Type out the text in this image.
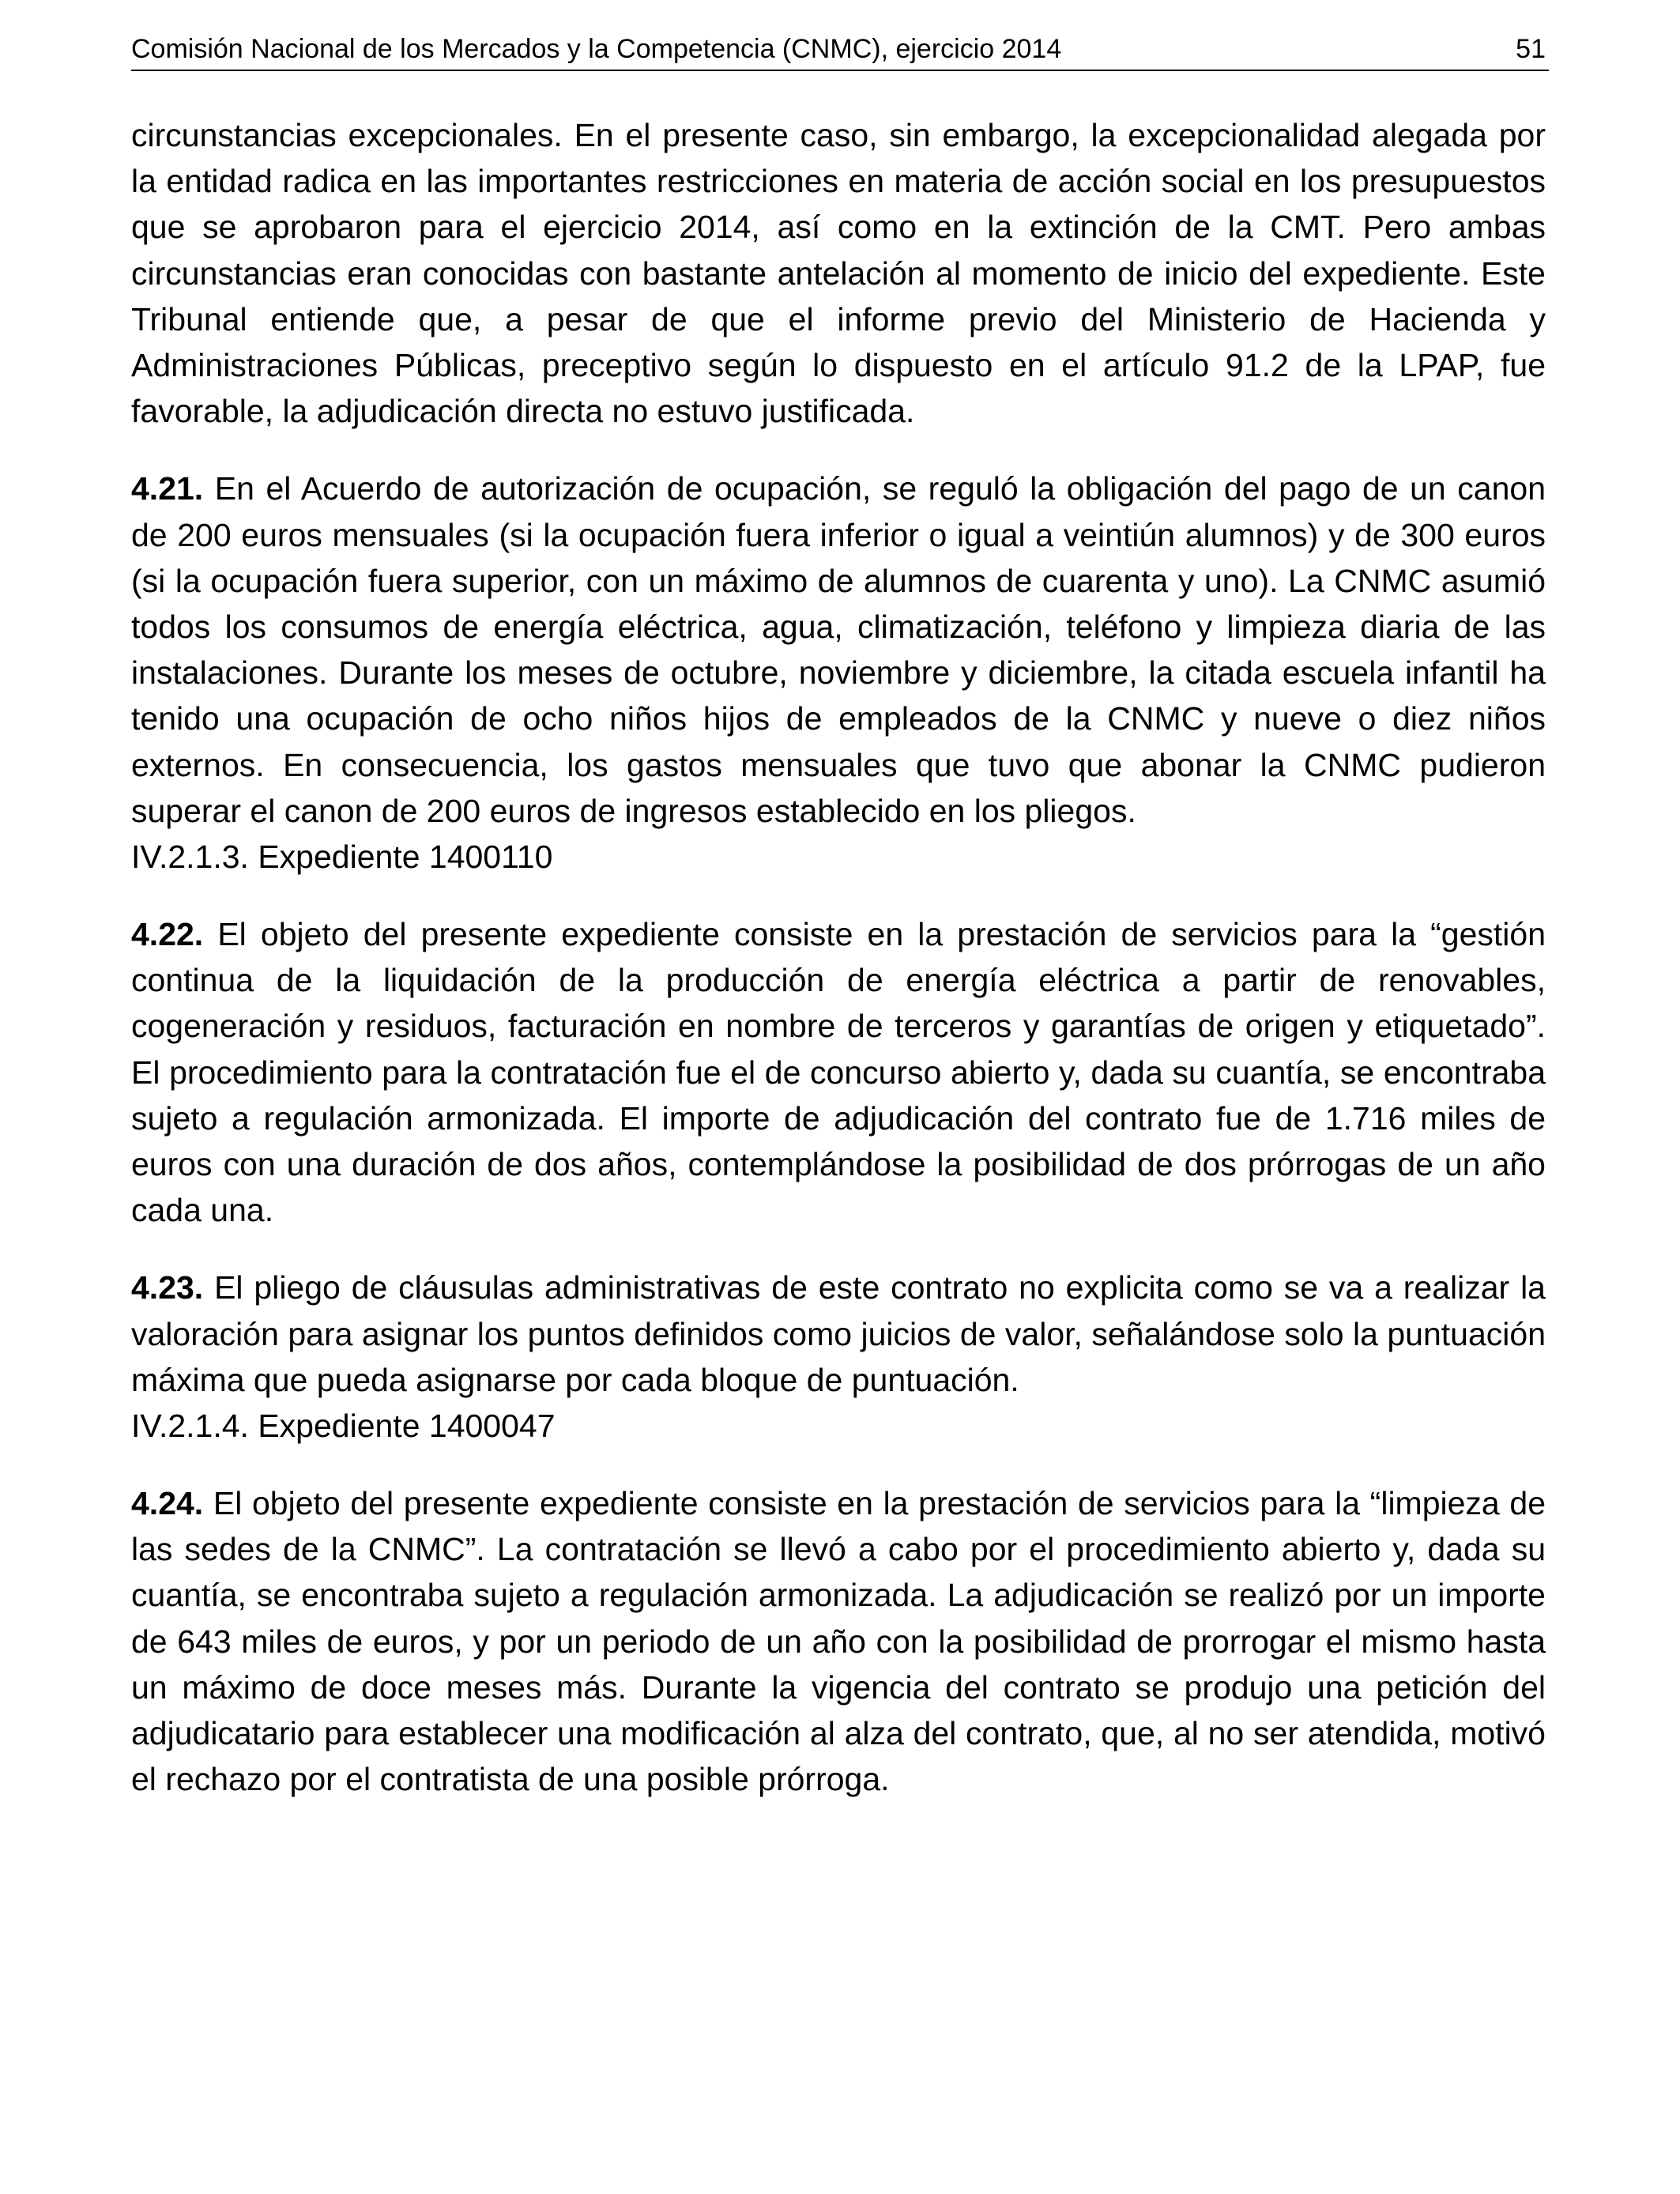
Comisión Nacional de los Mercados y la Competencia (CNMC), ejercicio 2014	51

circunstancias excepcionales. En el presente caso, sin embargo, la excepcionalidad alegada por la entidad radica en las importantes restricciones en materia de acción social en los presupuestos que se aprobaron para el ejercicio 2014, así como en la extinción de la CMT. Pero ambas circunstancias eran conocidas con bastante antelación al momento de inicio del expediente. Este Tribunal entiende que, a pesar de que el informe previo del Ministerio de Hacienda y Administraciones Públicas, preceptivo según lo dispuesto en el artículo 91.2 de la LPAP, fue favorable, la adjudicación directa no estuvo justificada.

4.21. En el Acuerdo de autorización de ocupación, se reguló la obligación del pago de un canon de 200 euros mensuales (si la ocupación fuera inferior o igual a veintiún alumnos) y de 300 euros (si la ocupación fuera superior, con un máximo de alumnos de cuarenta y uno). La CNMC asumió todos los consumos de energía eléctrica, agua, climatización, teléfono y limpieza diaria de las instalaciones. Durante los meses de octubre, noviembre y diciembre, la citada escuela infantil ha tenido una ocupación de ocho niños hijos de empleados de la CNMC y nueve o diez niños externos. En consecuencia, los gastos mensuales que tuvo que abonar la CNMC pudieron superar el canon de 200 euros de ingresos establecido en los pliegos.

IV.2.1.3. Expediente 1400110

4.22. El objeto del presente expediente consiste en la prestación de servicios para la “gestión continua de la liquidación de la producción de energía eléctrica a partir de renovables, cogeneración y residuos, facturación en nombre de terceros y garantías de origen y etiquetado”. El procedimiento para la contratación fue el de concurso abierto y, dada su cuantía, se encontraba sujeto a regulación armonizada. El importe de adjudicación del contrato fue de 1.716 miles de euros con una duración de dos años, contemplándose la posibilidad de dos prórrogas de un año cada una.

4.23. El pliego de cláusulas administrativas de este contrato no explicita como se va a realizar la valoración para asignar los puntos definidos como juicios de valor, señalándose solo la puntuación máxima que pueda asignarse por cada bloque de puntuación.

IV.2.1.4. Expediente 1400047

4.24. El objeto del presente expediente consiste en la prestación de servicios para la “limpieza de las sedes de la CNMC”. La contratación se llevó a cabo por el procedimiento abierto y, dada su cuantía, se encontraba sujeto a regulación armonizada. La adjudicación se realizó por un importe de 643 miles de euros, y por un periodo de un año con la posibilidad de prorrogar el mismo hasta un máximo de doce meses más. Durante la vigencia del contrato se produjo una petición del adjudicatario para establecer una modificación al alza del contrato, que, al no ser atendida, motivó el rechazo por el contratista de una posible prórroga.
